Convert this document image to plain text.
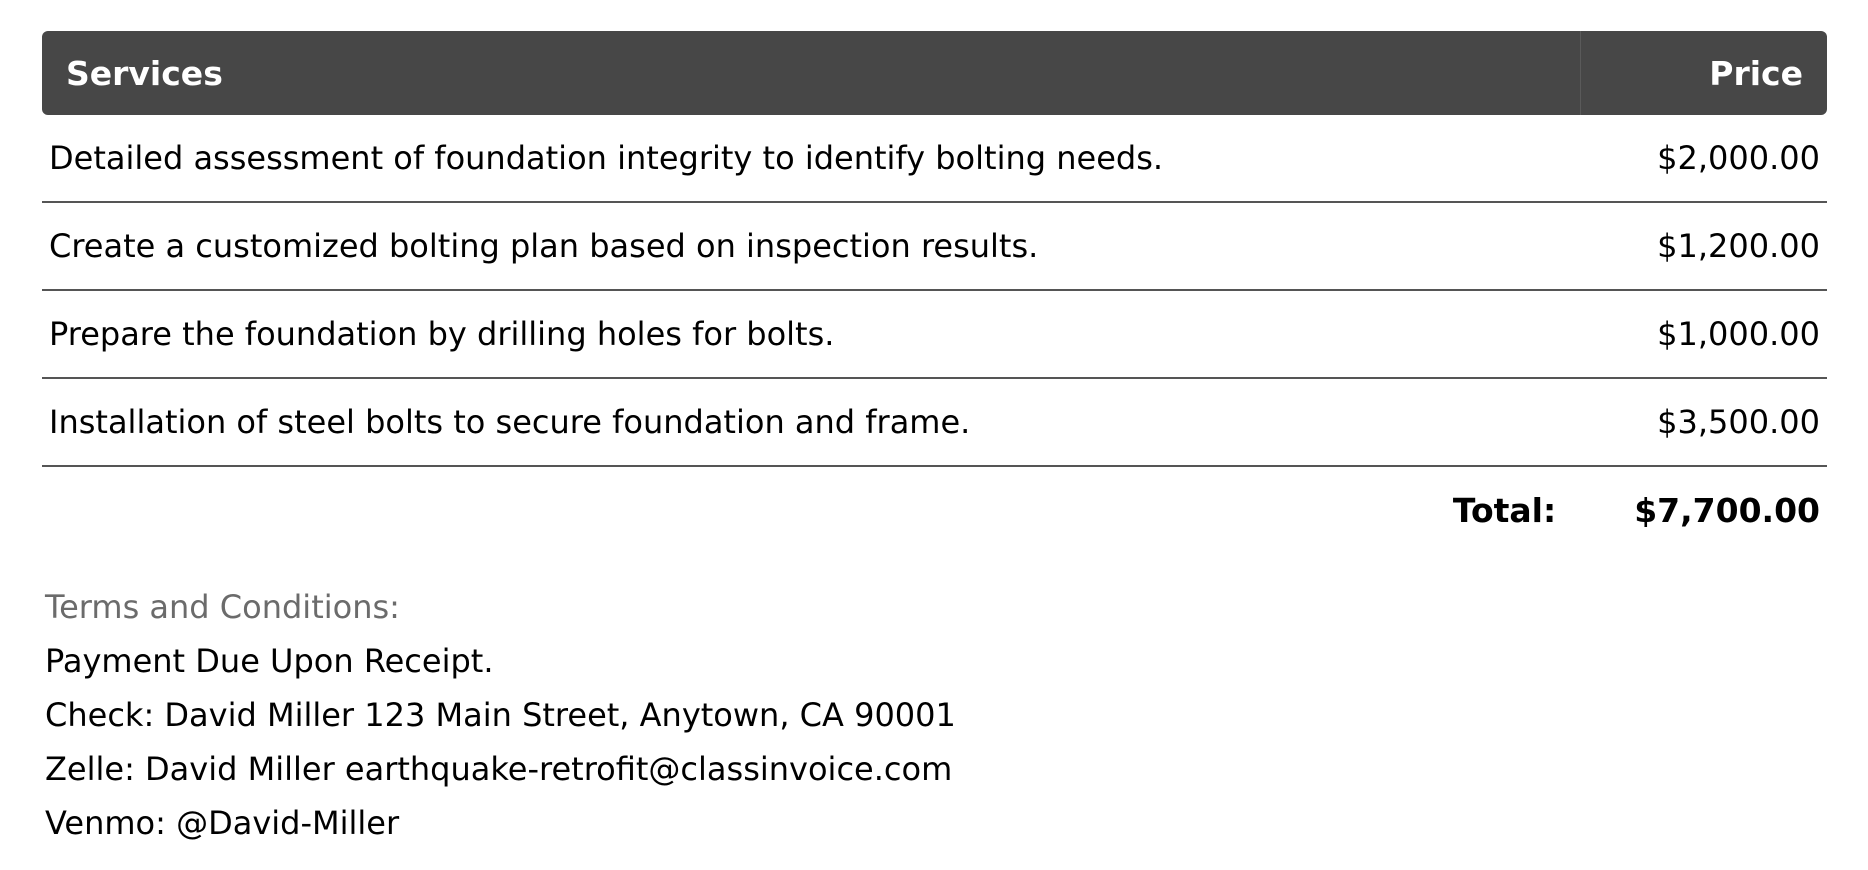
Services	Price
Detailed assessment of foundation integrity to identify bolting needs.	$2,000.00
Create a customized bolting plan based on inspection results.	$1,200.00
Prepare the foundation by drilling holes for bolts.	$1,000.00
Installation of steel bolts to secure foundation and frame.	$3,500.00
Total: $7,700.00
Terms and Conditions:
Payment Due Upon Receipt.
Check: David Miller 123 Main Street, Anytown, CA 90001
Zelle: David Miller earthquake-retrofit@classinvoice.com
Venmo: @David-Miller
